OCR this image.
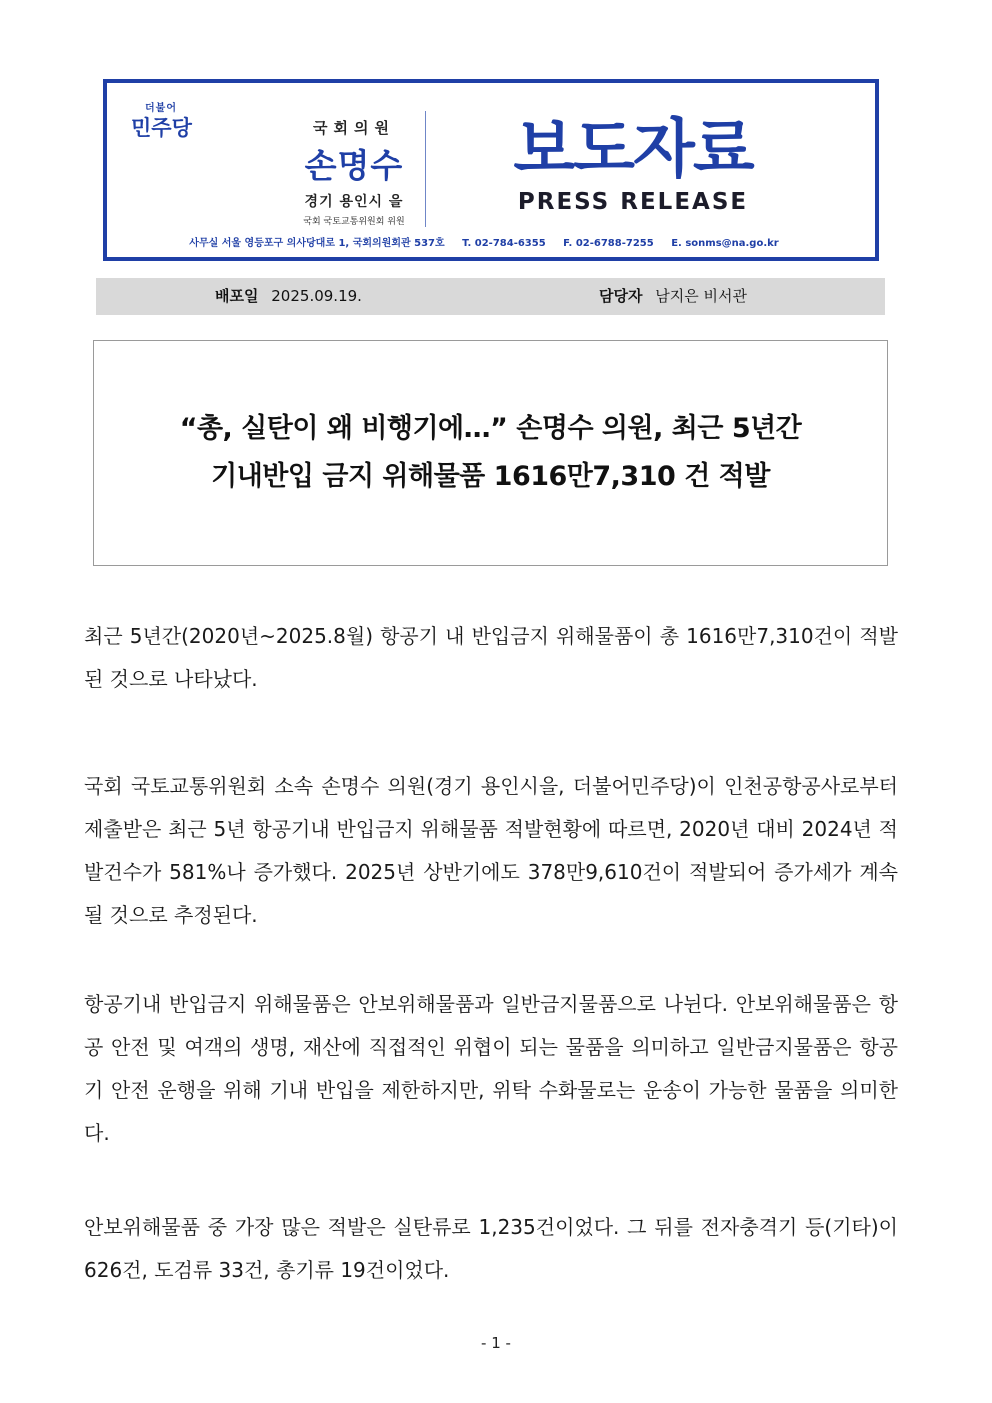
더불어
민주당	국회의원
손명수
경기 용인시 을
국회 국토교통위원회 위원
보도자료
PRESS RELEASE
사무실 서울 영등포구 의사당대로 1, 국회의원회관 537호 T. 02-784-6355 F. 02-6788-7255 E. sonms@na.go.kr
배포일 2025.09.19.	담당자 남지은 비서관
“총, 실탄이 왜 비행기에…” 손명수 의원, 최근 5년간
기내반입 금지 위해물품 1616만7,310 건 적발

최근 5년간(2020년~2025.8월) 항공기 내 반입금지 위해물품이 총 1616만7,310건이 적발된 것으로 나타났다.

국회 국토교통위원회 소속 손명수 의원(경기 용인시을, 더불어민주당)이 인천공항공사로부터 제출받은 최근 5년 항공기내 반입금지 위해물품 적발현황에 따르면, 2020년 대비 2024년 적발건수가 581%나 증가했다. 2025년 상반기에도 378만9,610건이 적발되어 증가세가 계속될 것으로 추정된다.

항공기내 반입금지 위해물품은 안보위해물품과 일반금지물품으로 나뉜다. 안보위해물품은 항공 안전 및 여객의 생명, 재산에 직접적인 위협이 되는 물품을 의미하고 일반금지물품은 항공기 안전 운행을 위해 기내 반입을 제한하지만, 위탁 수화물로는 운송이 가능한 물품을 의미한다.

안보위해물품 중 가장 많은 적발은 실탄류로 1,235건이었다. 그 뒤를 전자충격기 등(기타)이 626건, 도검류 33건, 총기류 19건이었다.

- 1 -
